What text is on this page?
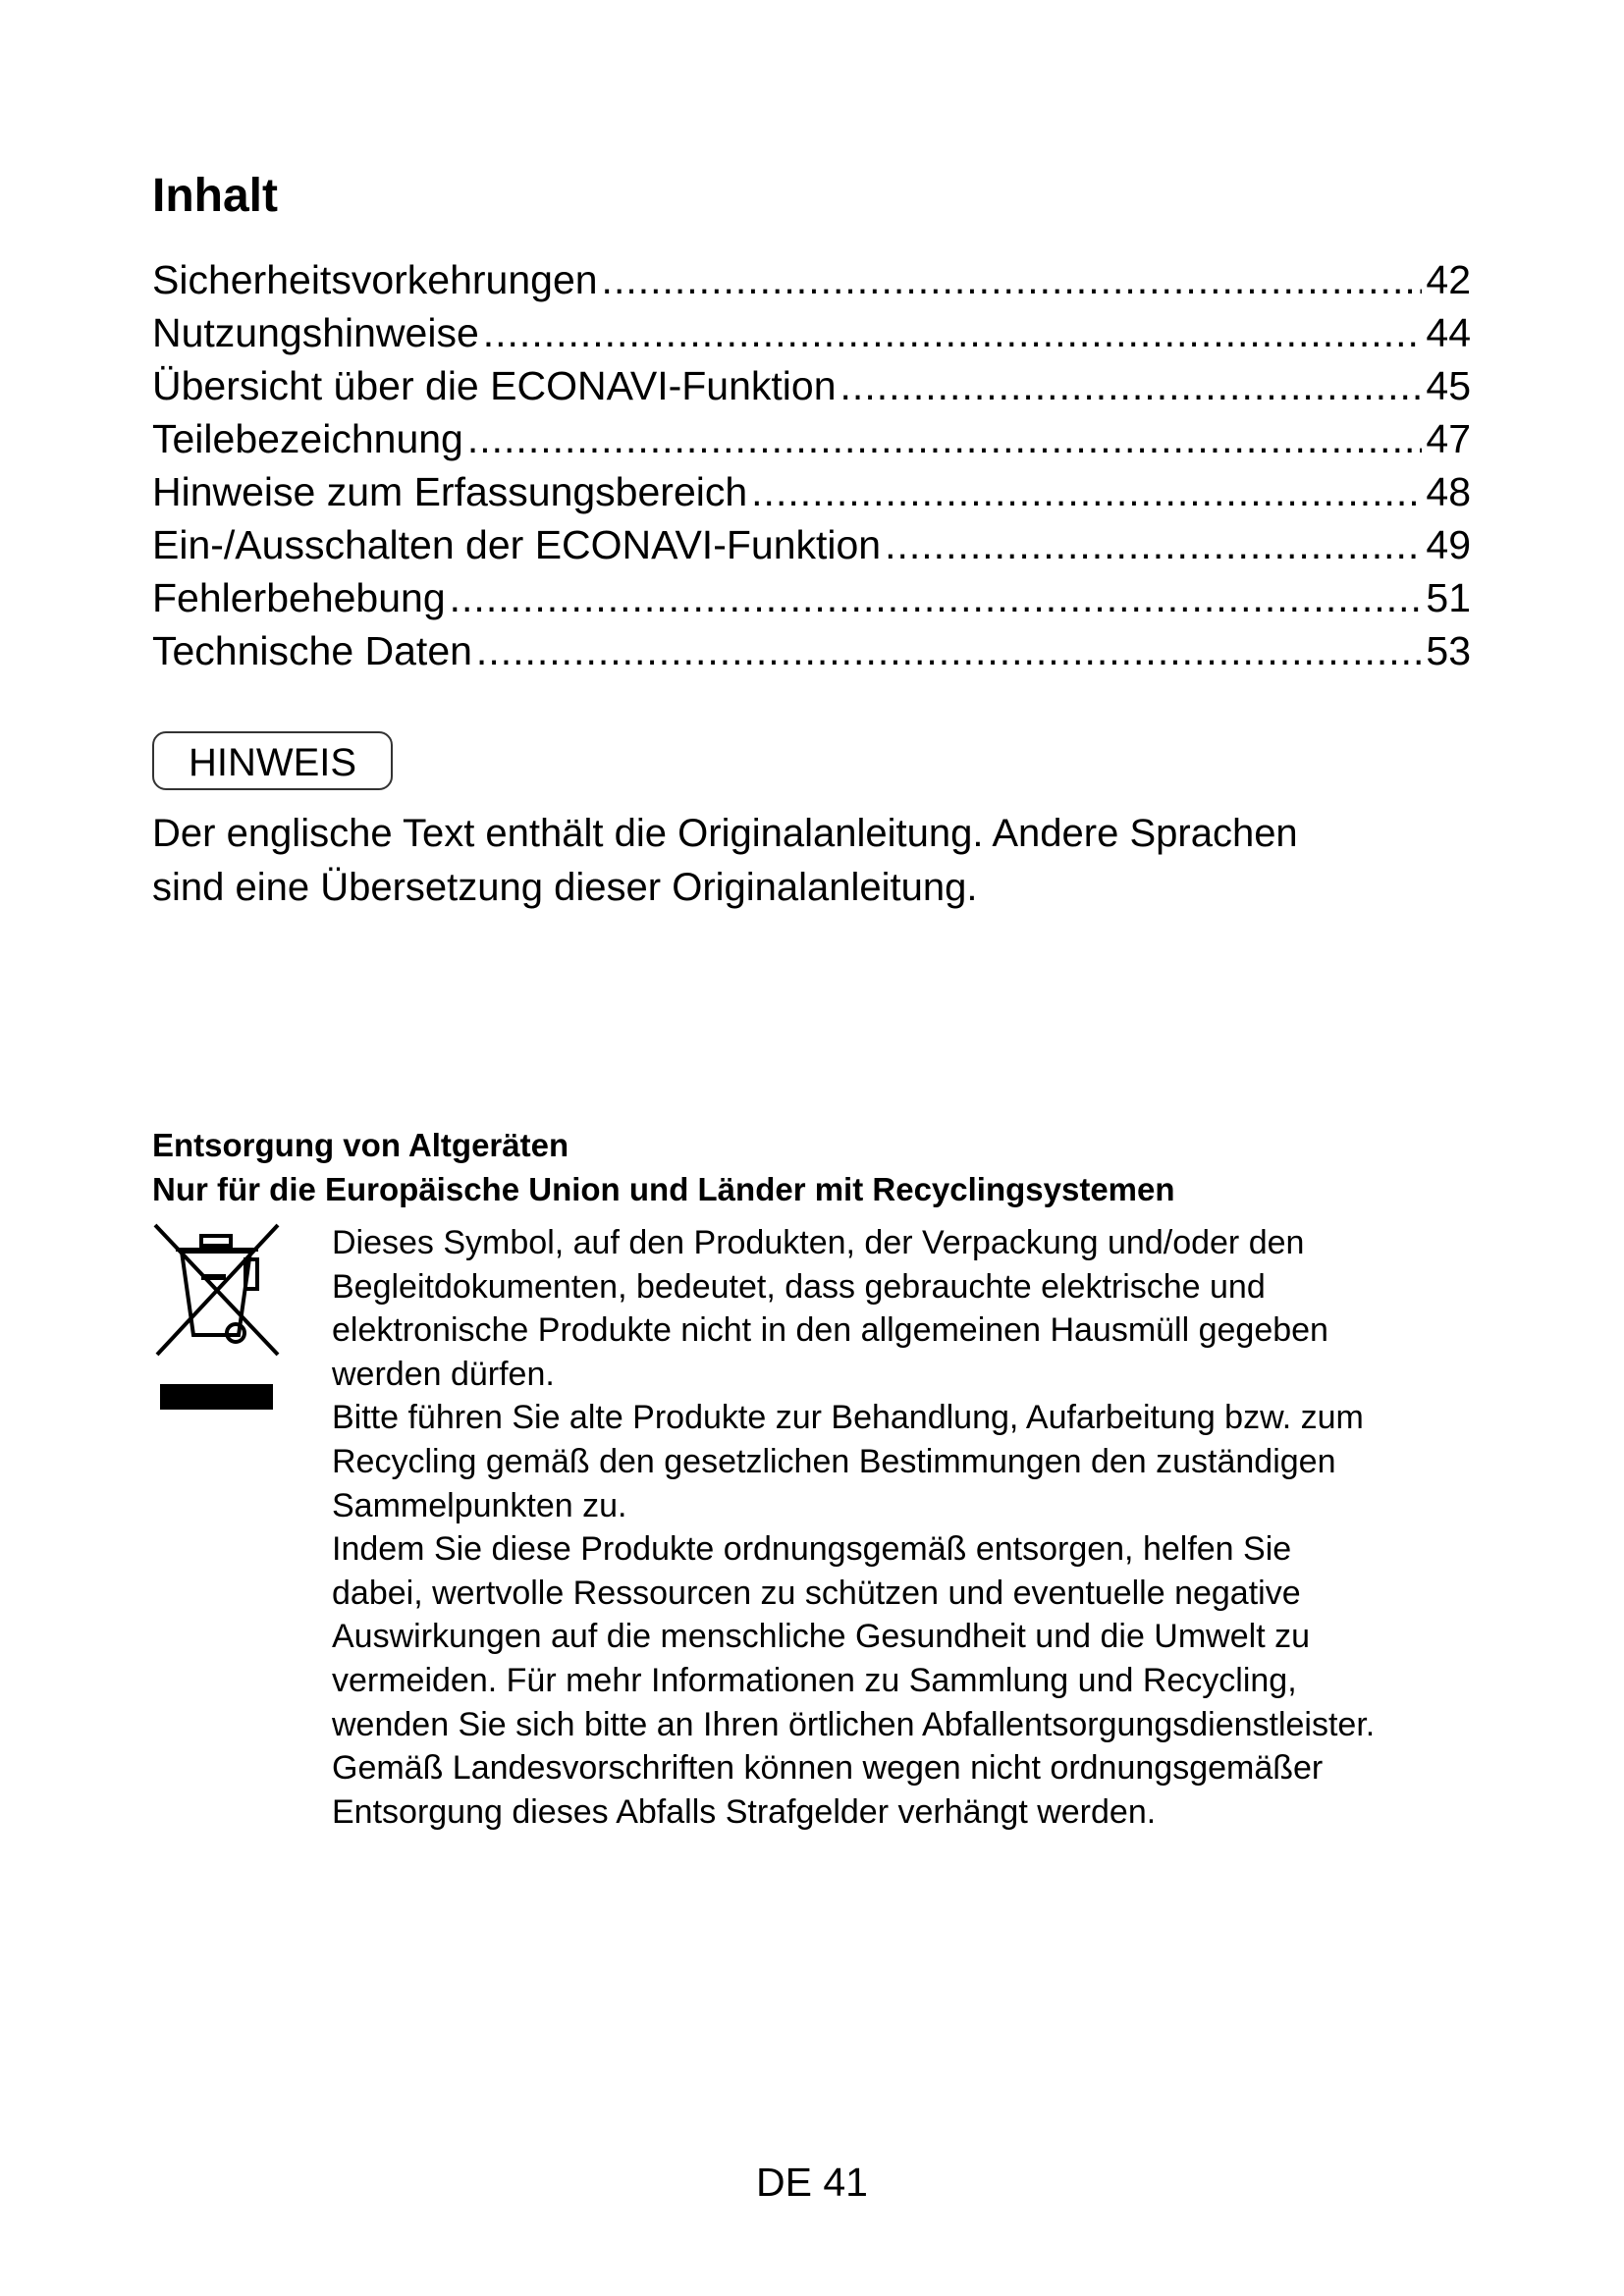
Inhalt
Sicherheitsvorkehrungen .....	42
Nutzungshinweise .....	44
Übersicht über die ECONAVI-Funktion .....	45
Teilebezeichnung .....	47
Hinweise zum Erfassungsbereich .....	48
Ein-/Ausschalten der ECONAVI-Funktion .....	49
Fehlerbehebung .....	51
Technische Daten .....	53
HINWEIS
Der englische Text enthält die Originalanleitung. Andere Sprachen
sind eine Übersetzung dieser Originalanleitung.
Entsorgung von Altgeräten
Nur für die Europäische Union und Länder mit Recyclingsystemen
Dieses Symbol, auf den Produkten, der Verpackung und/oder den
Begleitdokumenten, bedeutet, dass gebrauchte elektrische und
elektronische Produkte nicht in den allgemeinen Hausmüll gegeben
werden dürfen.
Bitte führen Sie alte Produkte zur Behandlung, Aufarbeitung bzw. zum
Recycling gemäß den gesetzlichen Bestimmungen den zuständigen
Sammelpunkten zu.
Indem Sie diese Produkte ordnungsgemäß entsorgen, helfen Sie
dabei, wertvolle Ressourcen zu schützen und eventuelle negative
Auswirkungen auf die menschliche Gesundheit und die Umwelt zu
vermeiden. Für mehr Informationen zu Sammlung und Recycling,
wenden Sie sich bitte an Ihren örtlichen Abfallentsorgungsdienstleister.
Gemäß Landesvorschriften können wegen nicht ordnungsgemäßer
Entsorgung dieses Abfalls Strafgelder verhängt werden.
DE 41
